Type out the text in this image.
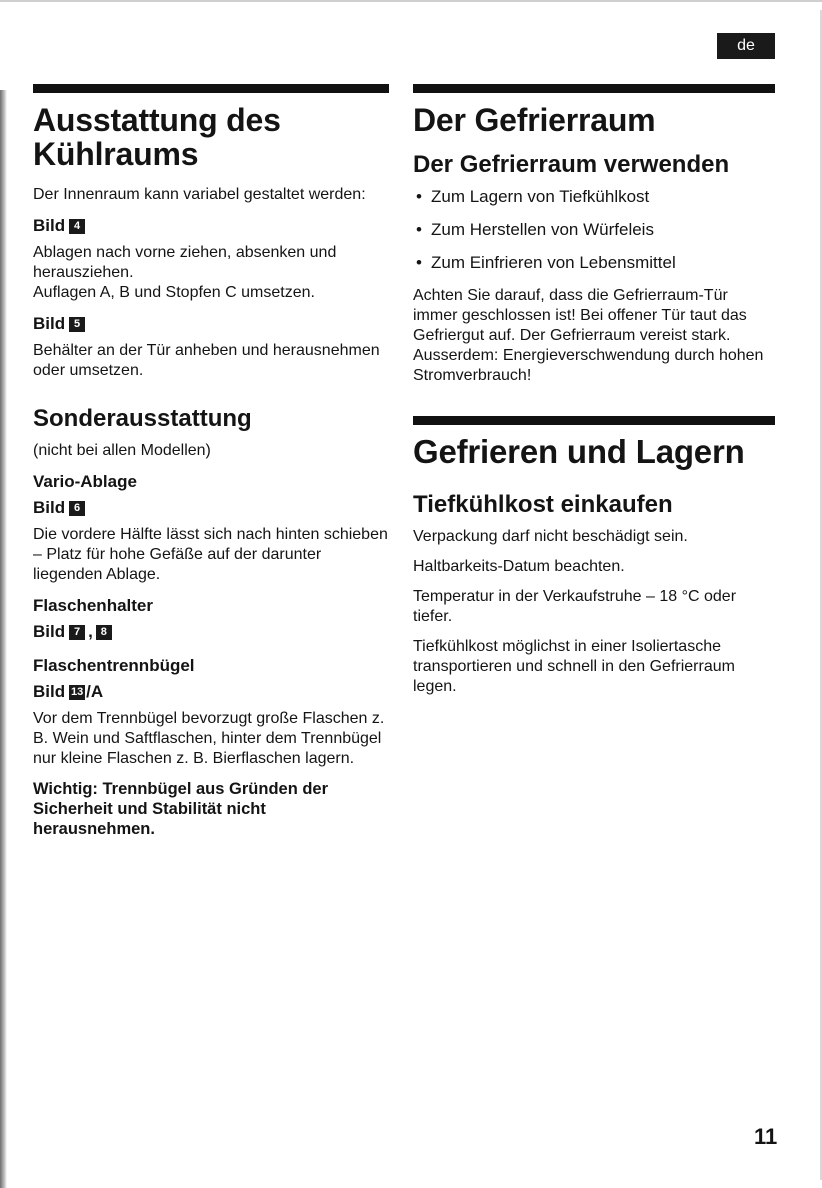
de
Ausstattung des Kühlraums
Der Innenraum kann variabel gestaltet werden:
Bild 4
Ablagen nach vorne ziehen, absenken und herausziehen.
Auflagen A, B und Stopfen C umsetzen.
Bild 5
Behälter an der Tür anheben und herausnehmen oder umsetzen.
Sonderausstattung
(nicht bei allen Modellen)
Vario-Ablage
Bild 6
Die vordere Hälfte lässt sich nach hinten schieben – Platz für hohe Gefäße auf der darunter liegenden Ablage.
Flaschenhalter
Bild 7 , 8
Flaschentrennbügel
Bild 13 /A
Vor dem Trennbügel bevorzugt große Flaschen z. B. Wein und Saftflaschen, hinter dem Trennbügel nur kleine Flaschen z. B. Bierflaschen lagern.
Wichtig: Trennbügel aus Gründen der Sicherheit und Stabilität nicht herausnehmen.
Der Gefrierraum
Der Gefrierraum verwenden
• Zum Lagern von Tiefkühlkost
• Zum Herstellen von Würfeleis
• Zum Einfrieren von Lebensmittel
Achten Sie darauf, dass die Gefrierraum-Tür immer geschlossen ist! Bei offener Tür taut das Gefriergut auf. Der Gefrierraum vereist stark. Ausserdem: Energieverschwendung durch hohen Stromverbrauch!
Gefrieren und Lagern
Tiefkühlkost einkaufen
Verpackung darf nicht beschädigt sein.
Haltbarkeits-Datum beachten.
Temperatur in der Verkaufstruhe – 18 °C oder tiefer.
Tiefkühlkost möglichst in einer Isoliertasche transportieren und schnell in den Gefrierraum legen.
11
